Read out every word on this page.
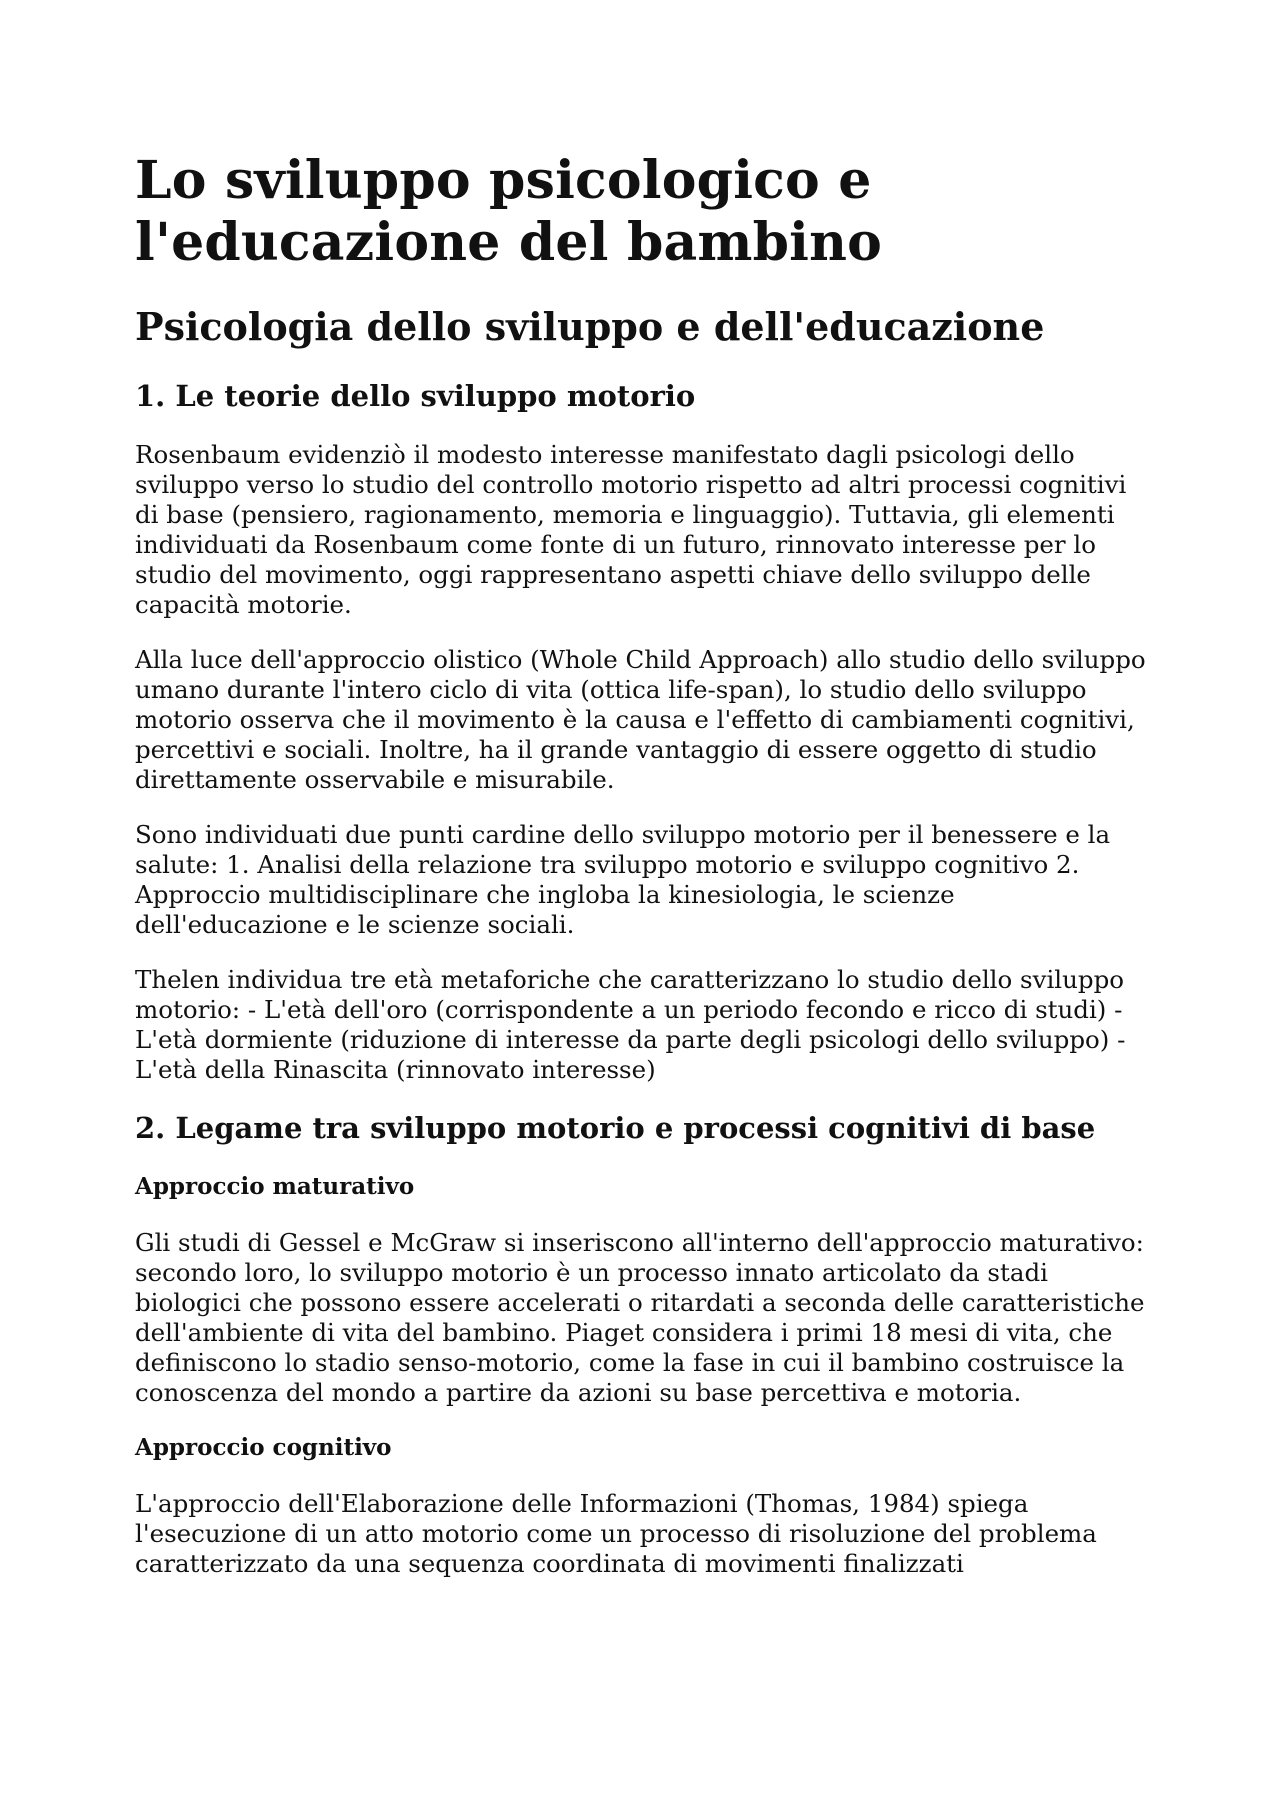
Lo sviluppo psicologico e l'educazione del bambino
Psicologia dello sviluppo e dell'educazione
1. Le teorie dello sviluppo motorio

Rosenbaum evidenziò il modesto interesse manifestato dagli psicologi dello sviluppo verso lo studio del controllo motorio rispetto ad altri processi cognitivi di base (pensiero, ragionamento, memoria e linguaggio). Tuttavia, gli elementi individuati da Rosenbaum come fonte di un futuro, rinnovato interesse per lo studio del movimento, oggi rappresentano aspetti chiave dello sviluppo delle capacità motorie.

Alla luce dell'approccio olistico (Whole Child Approach) allo studio dello sviluppo umano durante l'intero ciclo di vita (ottica life-span), lo studio dello sviluppo motorio osserva che il movimento è la causa e l'effetto di cambiamenti cognitivi, percettivi e sociali. Inoltre, ha il grande vantaggio di essere oggetto di studio direttamente osservabile e misurabile.

Sono individuati due punti cardine dello sviluppo motorio per il benessere e la salute: 1. Analisi della relazione tra sviluppo motorio e sviluppo cognitivo 2. Approccio multidisciplinare che ingloba la kinesiologia, le scienze dell'educazione e le scienze sociali.

Thelen individua tre età metaforiche che caratterizzano lo studio dello sviluppo motorio: - L'età dell'oro (corrispondente a un periodo fecondo e ricco di studi) - L'età dormiente (riduzione di interesse da parte degli psicologi dello sviluppo) - L'età della Rinascita (rinnovato interesse)

2. Legame tra sviluppo motorio e processi cognitivi di base
Approccio maturativo

Gli studi di Gessel e McGraw si inseriscono all'interno dell'approccio maturativo: secondo loro, lo sviluppo motorio è un processo innato articolato da stadi biologici che possono essere accelerati o ritardati a seconda delle caratteristiche dell'ambiente di vita del bambino. Piaget considera i primi 18 mesi di vita, che definiscono lo stadio senso-motorio, come la fase in cui il bambino costruisce la conoscenza del mondo a partire da azioni su base percettiva e motoria.

Approccio cognitivo

L'approccio dell'Elaborazione delle Informazioni (Thomas, 1984) spiega l'esecuzione di un atto motorio come un processo di risoluzione del problema caratterizzato da una sequenza coordinata di movimenti finalizzati
